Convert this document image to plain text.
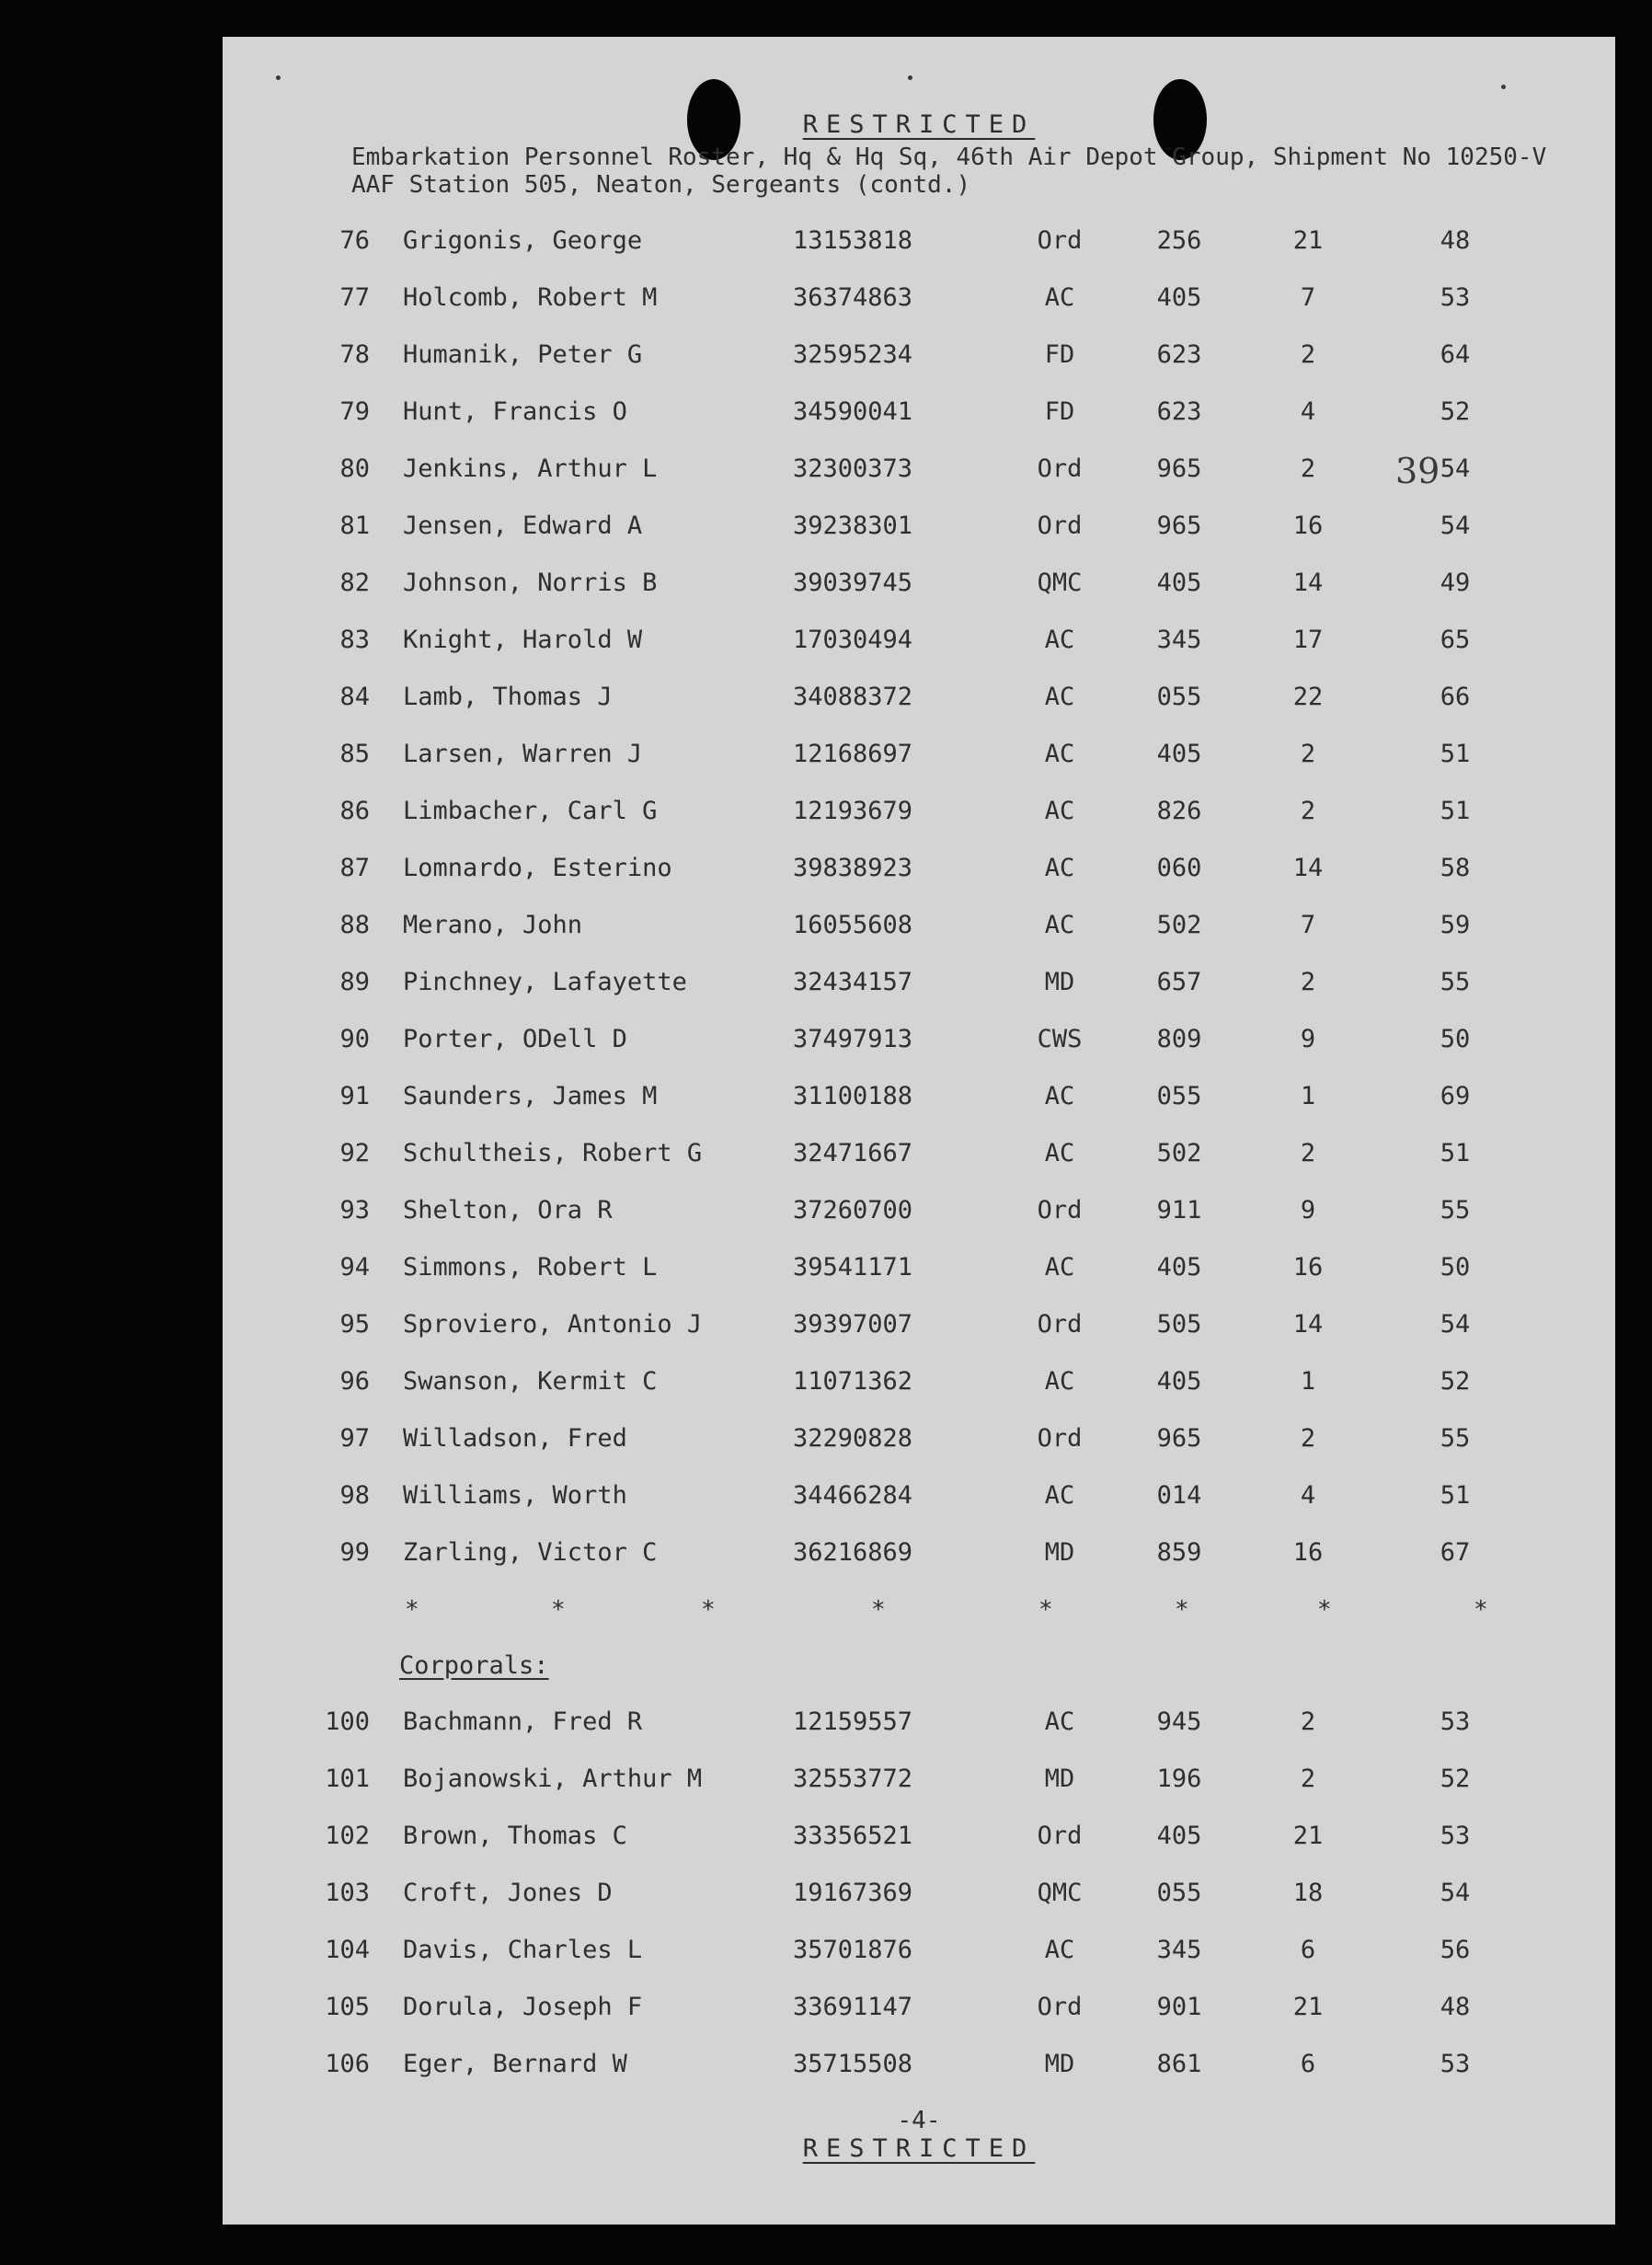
RESTRICTED
Embarkation Personnel Roster, Hq & Hq Sq, 46th Air Depot Group, Shipment No 10250-V
AAF Station 505, Neaton, Sergeants (contd.)
39
76 Grigonis, George	13153818	Ord	256	21	48
77 Holcomb, Robert M	36374863	AC	405	7	53
78 Humanik, Peter G	32595234	FD	623	2	64
79 Hunt, Francis O	34590041	FD	623	4	52
80 Jenkins, Arthur L	32300373	Ord	965	2	54
81 Jensen, Edward A	39238301	Ord	965	16	54
82 Johnson, Norris B	39039745	QMC	405	14	49
83 Knight, Harold W	17030494	AC	345	17	65
84 Lamb, Thomas J	34088372	AC	055	22	66
85 Larsen, Warren J	12168697	AC	405	2	51
86 Limbacher, Carl G	12193679	AC	826	2	51
87 Lomnardo, Esterino	39838923	AC	060	14	58
88 Merano, John	16055608	AC	502	7	59
89 Pinchney, Lafayette	32434157	MD	657	2	55
90 Porter, ODell D	37497913	CWS	809	9	50
91 Saunders, James M	31100188	AC	055	1	69
92 Schultheis, Robert G	32471667	AC	502	2	51
93 Shelton, Ora R	37260700	Ord	911	9	55
94 Simmons, Robert L	39541171	AC	405	16	50
95 Sproviero, Antonio J	39397007	Ord	505	14	54
96 Swanson, Kermit C	11071362	AC	405	1	52
97 Willadson, Fred	32290828	Ord	965	2	55
98 Williams, Worth	34466284	AC	014	4	51
99 Zarling, Victor C	36216869	MD	859	16	67
*	*	*	*	*	*	*	*
Corporals:
100 Bachmann, Fred R	12159557	AC	945	2	53
101 Bojanowski, Arthur M	32553772	MD	196	2	52
102 Brown, Thomas C	33356521	Ord	405	21	53
103 Croft, Jones D	19167369	QMC	055	18	54
104 Davis, Charles L	35701876	AC	345	6	56
105 Dorula, Joseph F	33691147	Ord	901	21	48
106 Eger, Bernard W	35715508	MD	861	6	53
-4-
RESTRICTED
